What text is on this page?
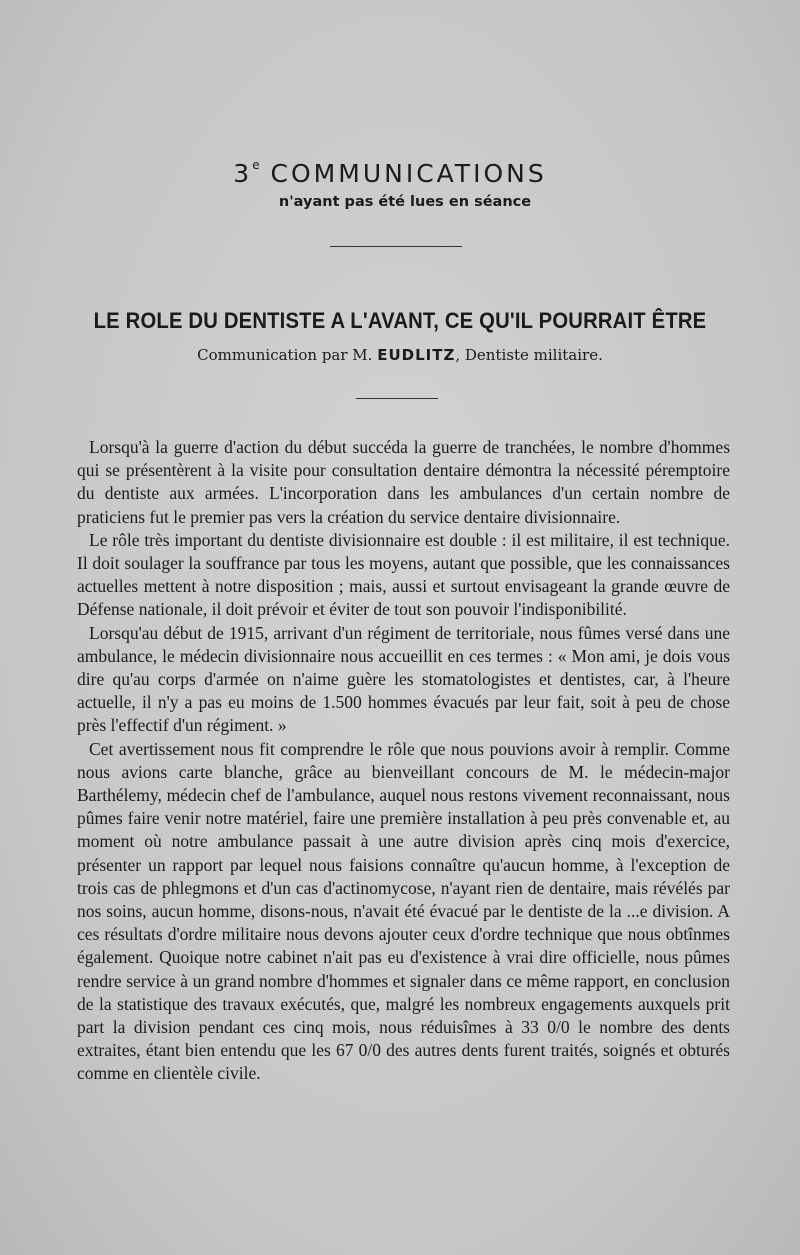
3e COMMUNICATIONS
n'ayant pas été lues en séance
LE ROLE DU DENTISTE A L'AVANT, CE QU'IL POURRAIT ÊTRE
Communication par M. EUDLITZ, Dentiste militaire.

Lorsqu'à la guerre d'action du début succéda la guerre de tranchées, le nombre d'hommes qui se présentèrent à la visite pour consultation dentaire démontra la nécessité péremptoire du dentiste aux armées. L'incorporation dans les ambulances d'un certain nombre de praticiens fut le premier pas vers la création du service dentaire divisionnaire.

Le rôle très important du dentiste divisionnaire est double : il est militaire, il est technique. Il doit soulager la souffrance par tous les moyens, autant que possible, que les connaissances actuelles mettent à notre disposition ; mais, aussi et surtout envisageant la grande œuvre de Défense nationale, il doit prévoir et éviter de tout son pouvoir l'indisponibilité.

Lorsqu'au début de 1915, arrivant d'un régiment de territoriale, nous fûmes versé dans une ambulance, le médecin divisionnaire nous accueillit en ces termes : « Mon ami, je dois vous dire qu'au corps d'armée on n'aime guère les stomatologistes et dentistes, car, à l'heure actuelle, il n'y a pas eu moins de 1.500 hommes évacués par leur fait, soit à peu de chose près l'effectif d'un régiment. »

Cet avertissement nous fit comprendre le rôle que nous pouvions avoir à remplir. Comme nous avions carte blanche, grâce au bienveillant concours de M. le médecin-major Barthélemy, médecin chef de l'ambulance, auquel nous restons vivement reconnaissant, nous pûmes faire venir notre matériel, faire une première installation à peu près convenable et, au moment où notre ambulance passait à une autre division après cinq mois d'exercice, présenter un rapport par lequel nous faisions connaître qu'aucun homme, à l'exception de trois cas de phlegmons et d'un cas d'actinomycose, n'ayant rien de dentaire, mais révélés par nos soins, aucun homme, disons-nous, n'avait été évacué par le dentiste de la ...e division. A ces résultats d'ordre militaire nous devons ajouter ceux d'ordre technique que nous obtînmes également. Quoique notre cabinet n'ait pas eu d'existence à vrai dire officielle, nous pûmes rendre service à un grand nombre d'hommes et signaler dans ce même rapport, en conclusion de la statistique des travaux exécutés, que, malgré les nombreux engagements auxquels prit part la division pendant ces cinq mois, nous réduisîmes à 33 0/0 le nombre des dents extraites, étant bien entendu que les 67 0/0 des autres dents furent traités, soignés et obturés comme en clientèle civile.
